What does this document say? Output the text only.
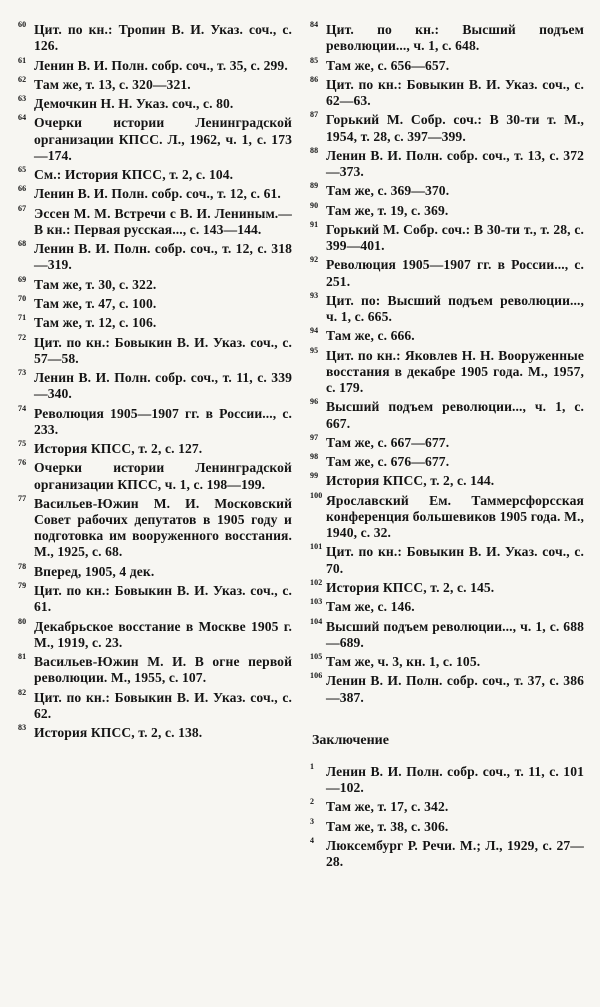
60 Цит. по кн.: Тропин В. И. Указ. соч., с. 126.
61 Ленин В. И. Полн. собр. соч., т. 35, с. 299.
62 Там же, т. 13, с. 320—321.
63 Демочкин Н. Н. Указ. соч., с. 80.
64 Очерки истории Ленинградской организации КПСС. Л., 1962, ч. 1, с. 173—174.
65 См.: История КПСС, т. 2, с. 104.
66 Ленин В. И. Полн. собр. соч., т. 12, с. 61.
67 Эссен М. М. Встречи с В. И. Лениным.— В кн.: Первая русская..., с. 143—144.
68 Ленин В. И. Полн. собр. соч., т. 12, с. 318—319.
69 Там же, т. 30, с. 322.
70 Там же, т. 47, с. 100.
71 Там же, т. 12, с. 106.
72 Цит. по кн.: Бовыкин В. И. Указ. соч., с. 57—58.
73 Ленин В. И. Полн. собр. соч., т. 11, с. 339—340.
74 Революция 1905—1907 гг. в России..., с. 233.
75 История КПСС, т. 2, с. 127.
76 Очерки истории Ленинградской организации КПСС, ч. 1, с. 198—199.
77 Васильев-Южин М. И. Московский Совет рабочих депутатов в 1905 году и подготовка им вооруженного восстания. М., 1925, с. 68.
78 Вперед, 1905, 4 дек.
79 Цит. по кн.: Бовыкин В. И. Указ. соч., с. 61.
80 Декабрьское восстание в Москве 1905 г. М., 1919, с. 23.
81 Васильев-Южин М. И. В огне первой революции. М., 1955, с. 107.
82 Цит. по кн.: Бовыкин В. И. Указ. соч., с. 62.
83 История КПСС, т. 2, с. 138.
84 Цит. по кн.: Высший подъем революции..., ч. 1, с. 648.
85 Там же, с. 656—657.
86 Цит. по кн.: Бовыкин В. И. Указ. соч., с. 62—63.
87 Горький М. Собр. соч.: В 30-ти т. М., 1954, т. 28, с. 397—399.
88 Ленин В. И. Полн. собр. соч., т. 13, с. 372—373.
89 Там же, с. 369—370.
90 Там же, т. 19, с. 369.
91 Горький М. Собр. соч.: В 30-ти т., т. 28, с. 399—401.
92 Революция 1905—1907 гг. в России..., с. 251.
93 Цит. по: Высший подъем революции..., ч. 1, с. 665.
94 Там же, с. 666.
95 Цит. по кн.: Яковлев Н. Н. Вооруженные восстания в декабре 1905 года. М., 1957, с. 179.
96 Высший подъем революции..., ч. 1, с. 667.
97 Там же, с. 667—677.
98 Там же, с. 676—677.
99 История КПСС, т. 2, с. 144.
100 Ярославский Ем. Таммерсфорсская конференция большевиков 1905 года. М., 1940, с. 32.
101 Цит. по кн.: Бовыкин В. И. Указ. соч., с. 70.
102 История КПСС, т. 2, с. 145.
103 Там же, с. 146.
104 Высший подъем революции..., ч. 1, с. 688—689.
105 Там же, ч. 3, кн. 1, с. 105.
106 Ленин В. И. Полн. собр. соч., т. 37, с. 386—387.
Заключение
1 Ленин В. И. Полн. собр. соч., т. 11, с. 101—102.
2 Там же, т. 17, с. 342.
3 Там же, т. 38, с. 306.
4 Люксембург Р. Речи. М.; Л., 1929, с. 27—28.
